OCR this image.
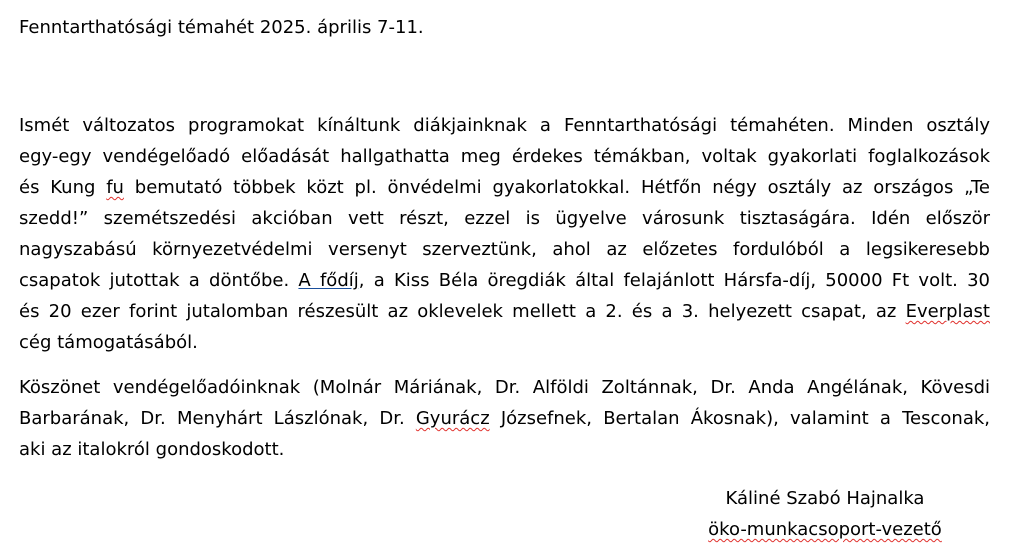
Fenntarthatósági témahét 2025. április 7-11.
Ismét változatos programokat kínáltunk diákjainknak a Fenntarthatósági témahéten. Minden osztály
egy-egy vendégelőadó előadását hallgathatta meg érdekes témákban, voltak gyakorlati foglalkozások
és Kung fu bemutató többek közt pl. önvédelmi gyakorlatokkal. Hétfőn négy osztály az országos „Te
szedd!” szemétszedési akcióban vett részt, ezzel is ügyelve városunk tisztaságára. Idén először
nagyszabású környezetvédelmi versenyt szerveztünk, ahol az előzetes fordulóból a legsikeresebb
csapatok jutottak a döntőbe. A fődíj, a Kiss Béla öregdiák által felajánlott Hársfa-díj, 50000 Ft volt. 30
és 20 ezer forint jutalomban részesült az oklevelek mellett a 2. és a 3. helyezett csapat, az Everplast
cég támogatásából.
Köszönet vendégelőadóinknak (Molnár Máriának, Dr. Alföldi Zoltánnak, Dr. Anda Angélának, Kövesdi
Barbarának, Dr. Menyhárt Lászlónak, Dr. Gyurácz Józsefnek, Bertalan Ákosnak), valamint a Tesconak,
aki az italokról gondoskodott.
Káliné Szabó Hajnalka
öko-munkacsoport-vezető
